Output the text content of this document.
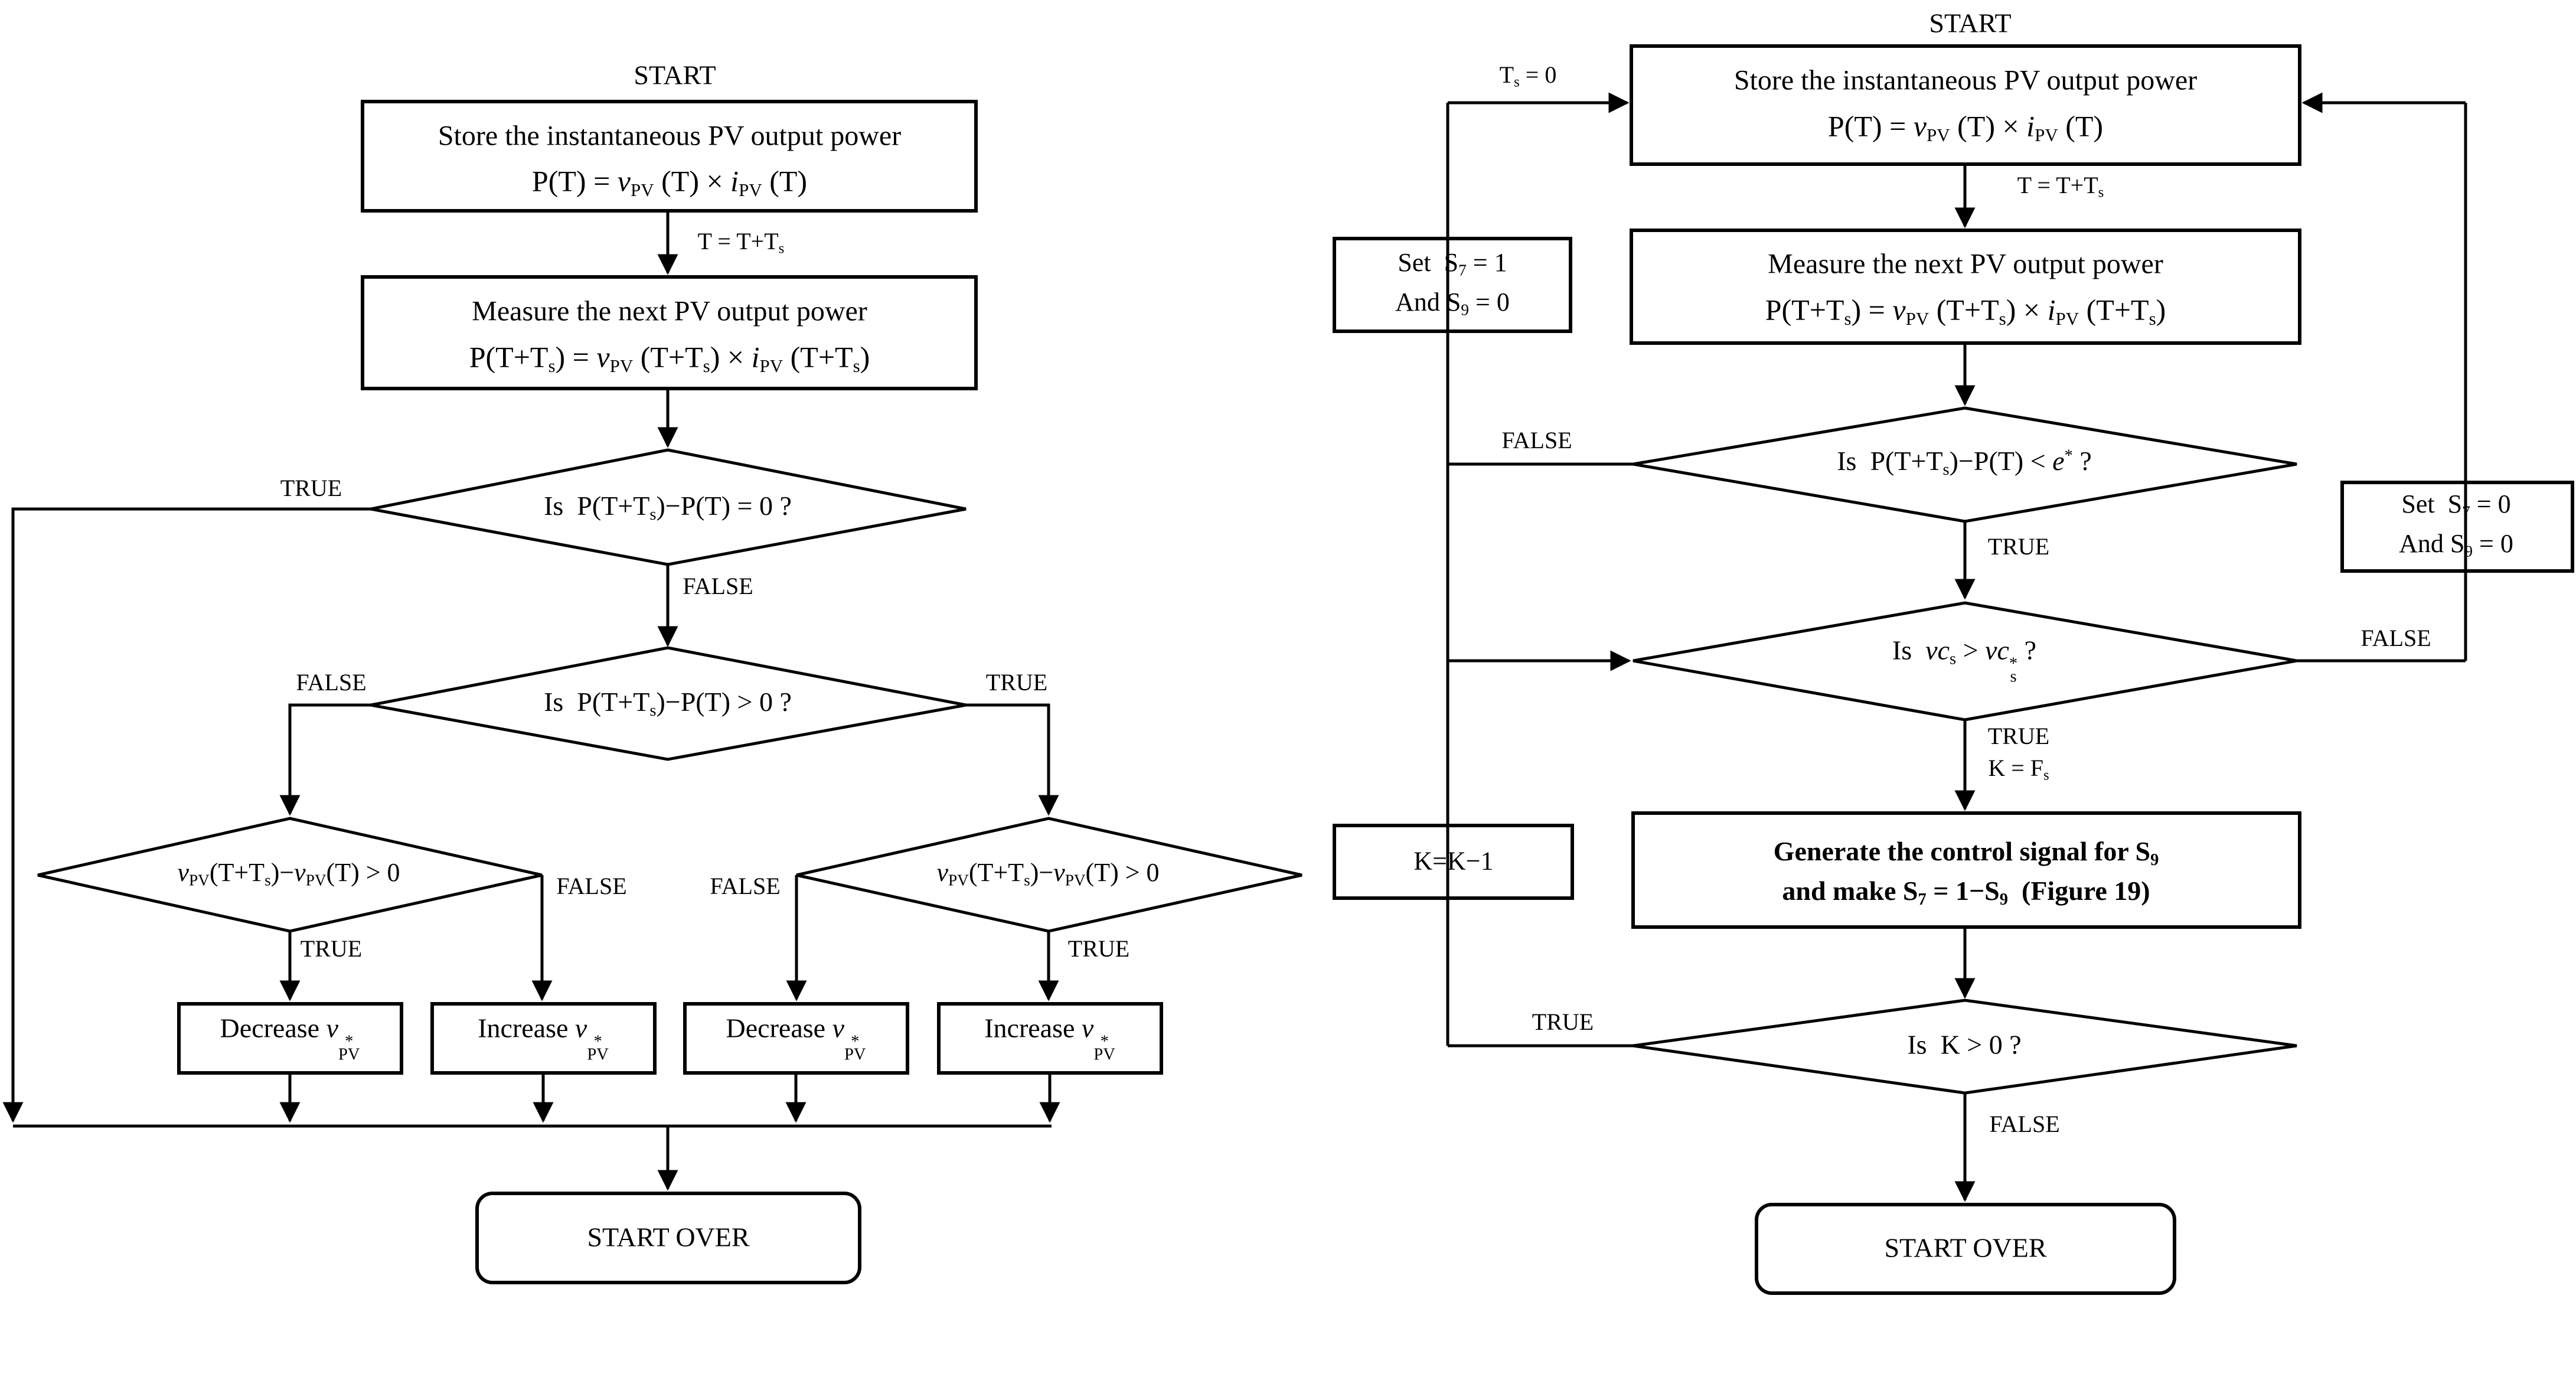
START
Store the instantaneous PV output power
P(T) = vPV (T) × iPV (T)
T = T+Ts
Measure the next PV output power
P(T+Ts) = vPV (T+Ts) × iPV (T+Ts)
Is  P(T+Ts)−P(T) = 0 ?
TRUE
FALSE
Is  P(T+Ts)−P(T) > 0 ?
FALSE	TRUE
vPV(T+Ts)−vPV(T) > 0
TRUE
FALSE	vPV(T+Ts)−vPV(T) > 0
FALSE
TRUE
Decrease v *
PV
Increase v *
PV
Decrease v *
PV
Increase v *
PV
START OVER
START
Ts = 0	Store the instantaneous PV output power
P(T) = vPV (T) × iPV (T)
T = T+Ts
Set  S7 = 1
And S9 = 0
Measure the next PV output power
P(T+Ts) = vPV (T+Ts) × iPV (T+Ts)
Is  P(T+Ts)−P(T) < e* ?
FALSE
TRUE
Set  S7 = 0
And S9 = 0
Is  vcs > vc *
s
?	FALSE
TRUE
K = Fs
Generate the control signal for S9
and make S7 = 1−S9  (Figure 19)
K=K−1
Is  K > 0 ?
TRUE
FALSE
START OVER
